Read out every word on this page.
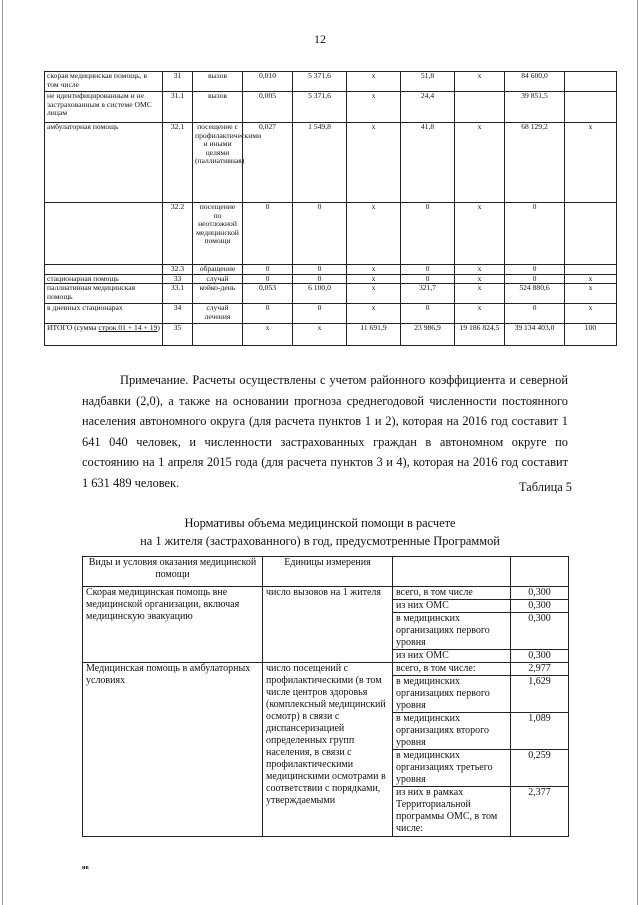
12
скорая медицинская помощь, в том числе	31	вызов	0,010	5 371,6	х	51,8	х	84 600,0	
не идентифицированным и не застрахованным в системе ОМС лицам	31.1	вызов	0,005	5 371,6	х	24,4		39 851,5	
амбулаторная помощь	32.1	посещение с профилактическими и иными целями (паллиативная)	0,027	1 549,8	х	41,8	х	68 129,2	х
	32.2	посещение по неотложной медицинской помощи	0	0	х	0	х	0	
	32.3	обращение	0	0	х	0	х	0	
стационарная помощь	33	случай	0	0	х	0	х	0	х
паллиативная медицинская помощь	33.1	койко-день	0,053	6 100,0	х	321,7	х	524 880,6	х
в дневных стационарах	34	случай лечения	0	0	х	0	х	0	х
ИТОГО (сумма строк 01 + 14 + 19)	35		х	х	11 691,9	23 986,9	19 186 824,5	39 134 403,0	100
Примечание. Расчеты осуществлены с учетом районного коэффициента и северной надбавки (2,0), а также на основании прогноза среднегодовой численности постоянного населения автономного округа (для расчета пунктов 1 и 2), которая на 2016 год составит 1 641 040 человек, и численности застрахованных граждан в автономном округе по состоянию на 1 апреля 2015 года (для расчета пунктов 3 и 4), которая на 2016 год составит 1 631 489 человек.	Таблица 5
Нормативы объема медицинской помощи в расчете
на 1 жителя (застрахованного) в год, предусмотренные Программой
Виды и условия оказания медицинской помощи	Единицы измерения		
Скорая медицинская помощь вне медицинской организации, включая медицинскую эвакуацию	число вызовов на 1 жителя	всего, в том числе	0,300
		из них ОМС	0,300
		в медицинских организациях первого уровня	0,300
		из них ОМС	0,300
Медицинская помощь в амбулаторных условиях	число посещений с профилактическими (в том числе центров здоровья (комплексный медицинский осмотр) в связи с диспансеризацией определенных групп населения, в связи с профилактическими медицинскими осмотрами в соответствии с порядками, утверждаемыми	всего, в том числе:	2,977
		в медицинских организациях первого уровня	1,629
		в медицинских организациях второго уровня	1,089
		в медицинских организациях третьего уровня	0,259
		из них в рамках Территориальной программы ОМС, в том числе:	2,377
нв
